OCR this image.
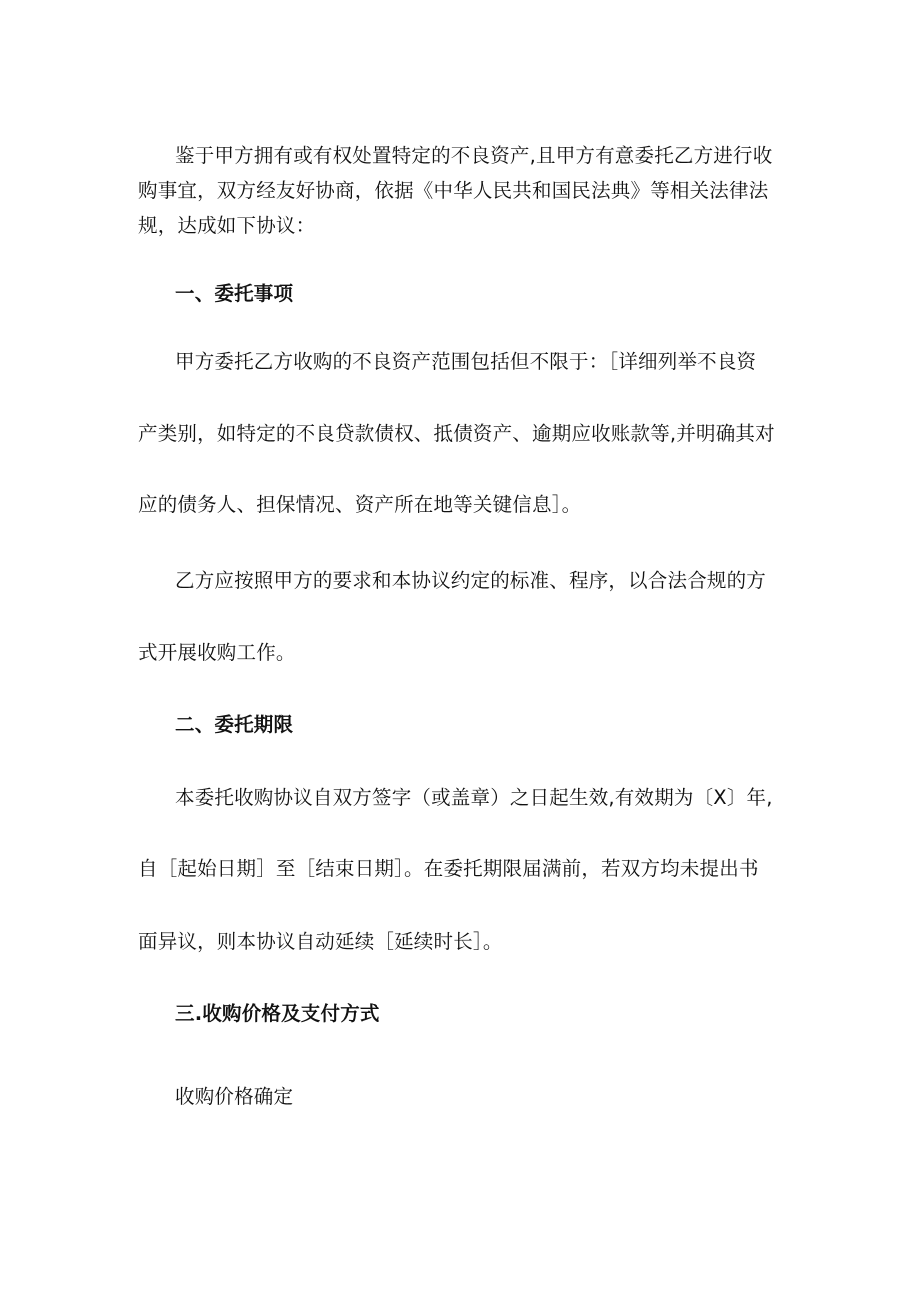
鉴于甲方拥有或有权处置特定的不良资产,且甲方有意委托乙方进行收
购事宜，双方经友好协商，依据《中华人民共和国民法典》等相关法律法
规，达成如下协议：
一、委托事项
甲方委托乙方收购的不良资产范围包括但不限于：［详细列举不良资
产类别，如特定的不良贷款债权、抵债资产、逾期应收账款等,并明确其对
应的债务人、担保情况、资产所在地等关键信息］。
乙方应按照甲方的要求和本协议约定的标准、程序，以合法合规的方
式开展收购工作。
二、委托期限
本委托收购协议自双方签字（或盖章）之日起生效,有效期为〔X〕年,
自［起始日期］至［结束日期］。在委托期限届满前，若双方均未提出书
面异议，则本协议自动延续［延续时长］。
三.收购价格及支付方式
收购价格确定
